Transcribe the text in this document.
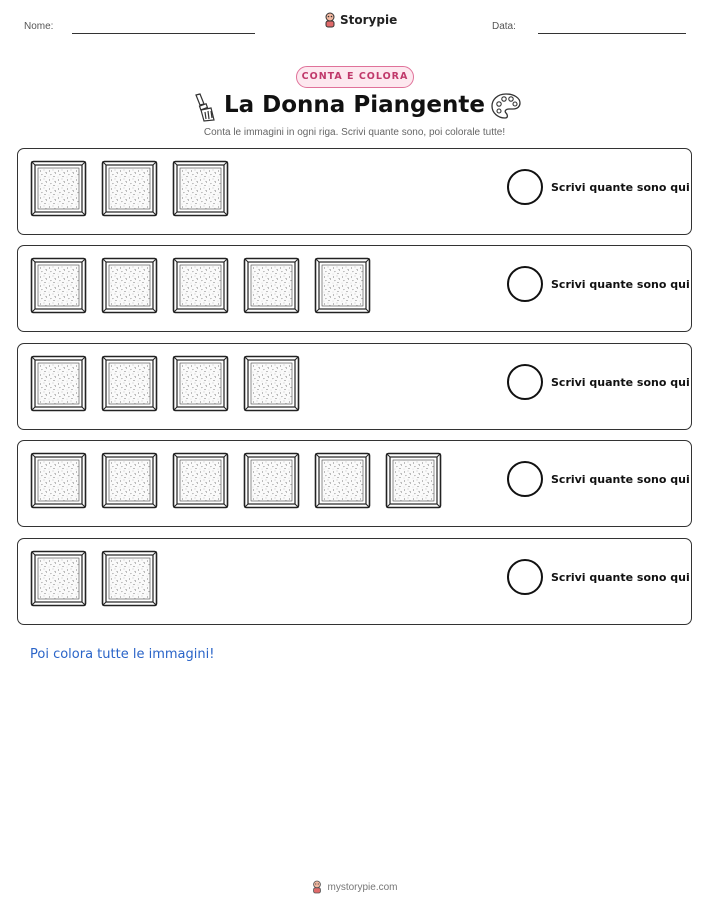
Nome:	Storypie	Data:
CONTA E COLORA
La Donna Piangente
Conta le immagini in ogni riga. Scrivi quante sono, poi colorale tutte!
Scrivi quante sono qui
Scrivi quante sono qui
Scrivi quante sono qui
Scrivi quante sono qui
Scrivi quante sono qui
Poi colora tutte le immagini!
mystorypie.com
